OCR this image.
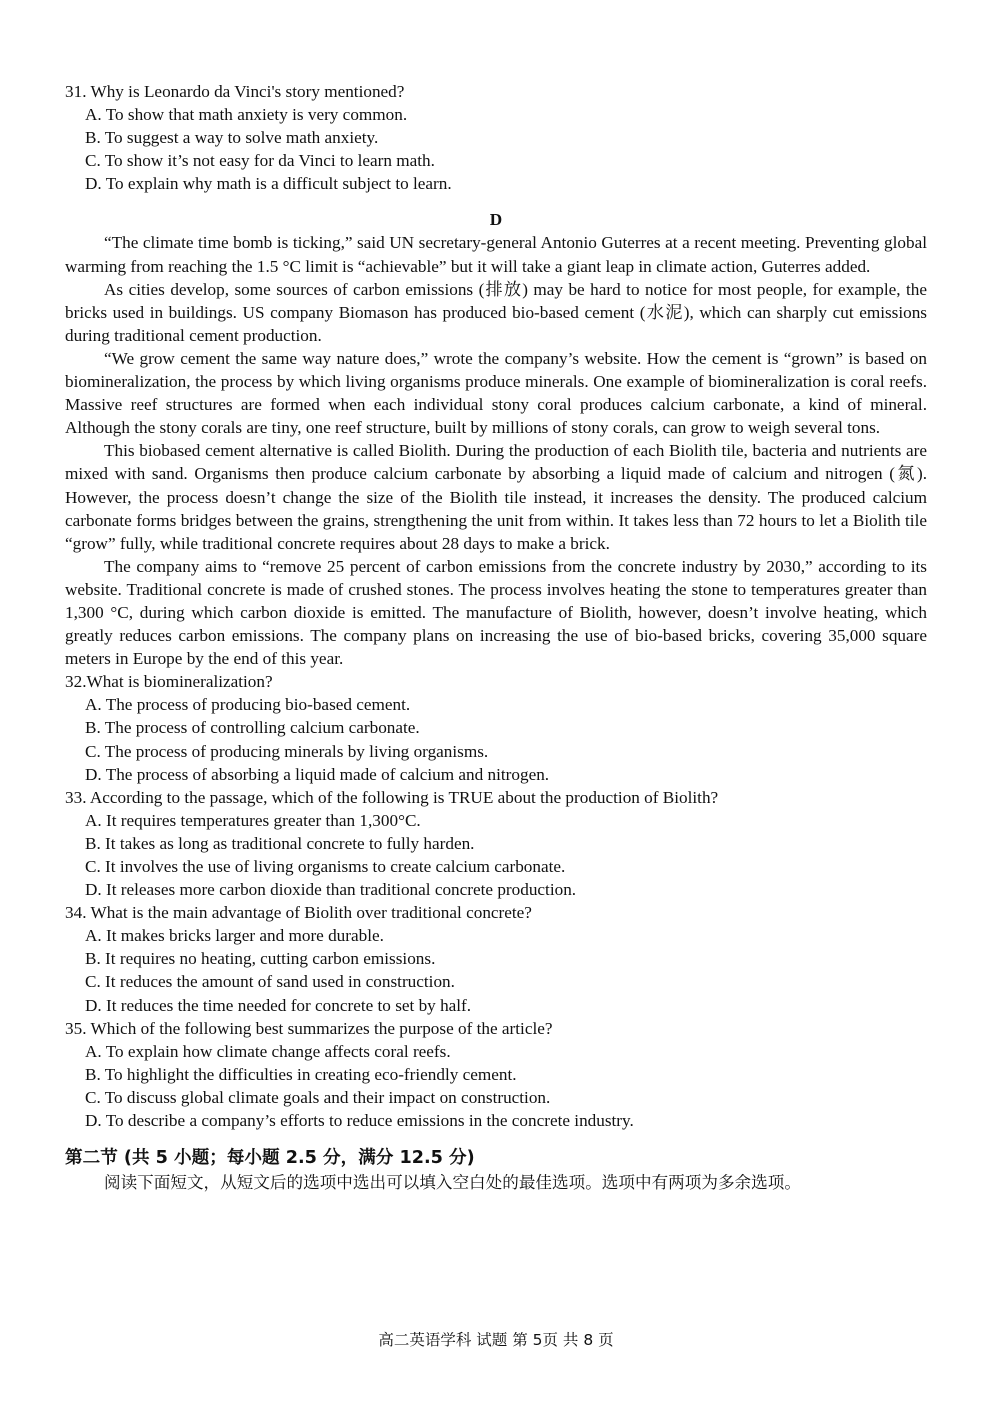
31. Why is Leonardo da Vinci's story mentioned?
A. To show that math anxiety is very common.
B. To suggest a way to solve math anxiety.
C. To show it’s not easy for da Vinci to learn math.
D. To explain why math is a difficult subject to learn.
D

“The climate time bomb is ticking,” said UN secretary-general Antonio Guterres at a recent meeting. Preventing global warming from reaching the 1.5 °C limit is “achievable” but it will take a giant leap in climate action, Guterres added.

As cities develop, some sources of carbon emissions (排放) may be hard to notice for most people, for example, the bricks used in buildings. US company Biomason has produced bio-based cement (水泥), which can sharply cut emissions during traditional cement production.

“We grow cement the same way nature does,” wrote the company’s website. How the cement is “grown” is based on biomineralization, the process by which living organisms produce minerals. One example of biomineralization is coral reefs. Massive reef structures are formed when each individual stony coral produces calcium carbonate, a kind of mineral. Although the stony corals are tiny, one reef structure, built by millions of stony corals, can grow to weigh several tons.

This biobased cement alternative is called Biolith. During the production of each Biolith tile, bacteria and nutrients are mixed with sand. Organisms then produce calcium carbonate by absorbing a liquid made of calcium and nitrogen (氮). However, the process doesn’t change the size of the Biolith tile instead, it increases the density. The produced calcium carbonate forms bridges between the grains, strengthening the unit from within. It takes less than 72 hours to let a Biolith tile “grow” fully, while traditional concrete requires about 28 days to make a brick.

The company aims to “remove 25 percent of carbon emissions from the concrete industry by 2030,” according to its website. Traditional concrete is made of crushed stones. The process involves heating the stone to temperatures greater than 1,300 °C, during which carbon dioxide is emitted. The manufacture of Biolith, however, doesn’t involve heating, which greatly reduces carbon emissions. The company plans on increasing the use of bio-based bricks, covering 35,000 square meters in Europe by the end of this year.

32.What is biomineralization?
A. The process of producing bio-based cement.
B. The process of controlling calcium carbonate.
C. The process of producing minerals by living organisms.
D. The process of absorbing a liquid made of calcium and nitrogen.
33. According to the passage, which of the following is TRUE about the production of Biolith?
A. It requires temperatures greater than 1,300°C.
B. It takes as long as traditional concrete to fully harden.
C. It involves the use of living organisms to create calcium carbonate.
D. It releases more carbon dioxide than traditional concrete production.
34. What is the main advantage of Biolith over traditional concrete?
A. It makes bricks larger and more durable.
B. It requires no heating, cutting carbon emissions.
C. It reduces the amount of sand used in construction.
D. It reduces the time needed for concrete to set by half.
35. Which of the following best summarizes the purpose of the article?
A. To explain how climate change affects coral reefs.
B. To highlight the difficulties in creating eco-friendly cement.
C. To discuss global climate goals and their impact on construction.
D. To describe a company’s efforts to reduce emissions in the concrete industry.
第二节 (共 5 小题；每小题 2.5 分，满分 12.5 分)
阅读下面短文，从短文后的选项中选出可以填入空白处的最佳选项。选项中有两项为多余选项。
高二英语学科 试题 第 5页 共 8 页
